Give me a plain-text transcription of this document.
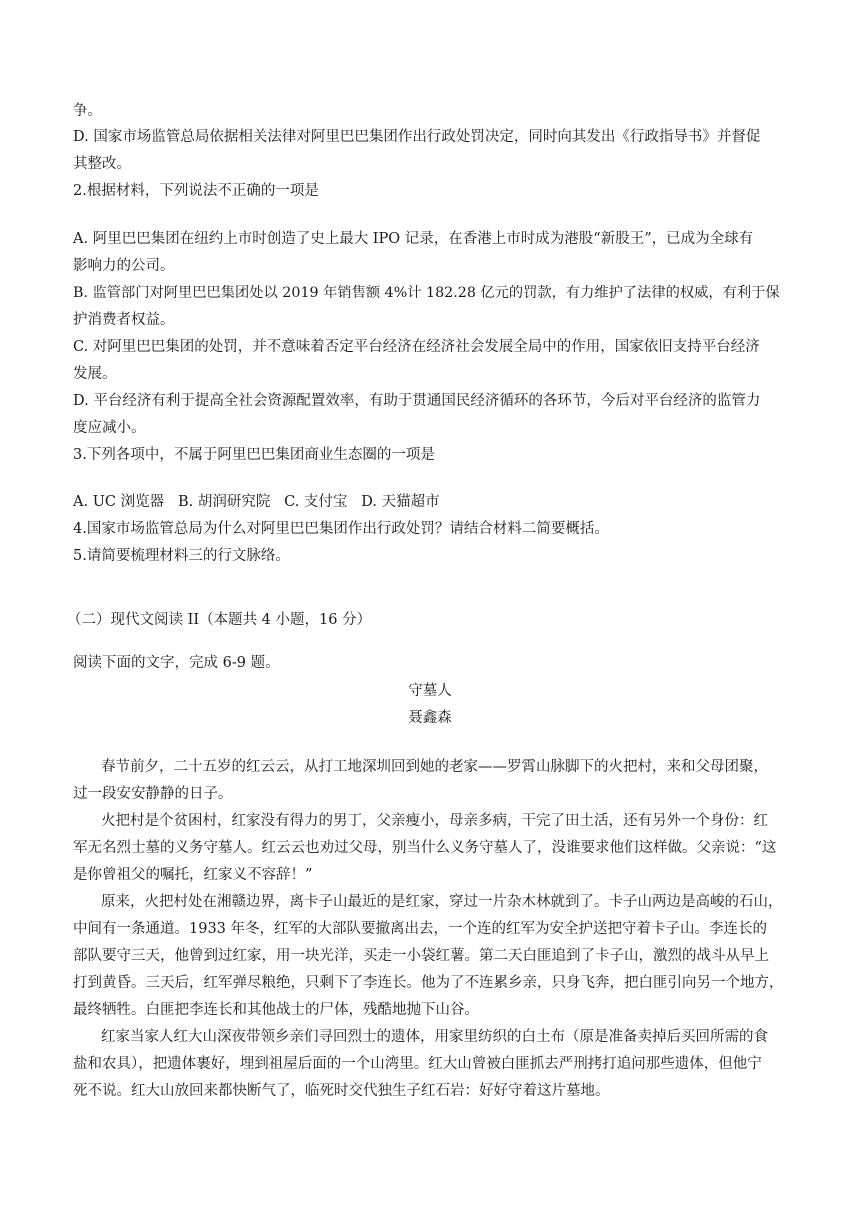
争。
D. 国家市场监管总局依据相关法律对阿里巴巴集团作出行政处罚决定，同时向其发出《行政指导书》并督促
其整改。
2.根据材料，下列说法不正确的一项是
A. 阿里巴巴集团在纽约上市时创造了史上最大 IPO 记录，在香港上市时成为港股“新股王”，已成为全球有
影响力的公司。
B. 监管部门对阿里巴巴集团处以 2019 年销售额 4%计 182.28 亿元的罚款，有力维护了法律的权威，有利于保
护消费者权益。
C. 对阿里巴巴集团的处罚，并不意味着否定平台经济在经济社会发展全局中的作用，国家依旧支持平台经济
发展。
D. 平台经济有利于提高全社会资源配置效率，有助于贯通国民经济循环的各环节，今后对平台经济的监管力
度应减小。
3.下列各项中，不属于阿里巴巴集团商业生态圈的一项是
A. UC 浏览器   B. 胡润研究院   C. 支付宝   D. 天猫超市
4.国家市场监管总局为什么对阿里巴巴集团作出行政处罚？请结合材料二简要概括。
5.请简要梳理材料三的行文脉络。
（二）现代文阅读 II（本题共 4 小题，16 分）
阅读下面的文字，完成 6-9 题。
守墓人
聂鑫森
春节前夕，二十五岁的红云云，从打工地深圳回到她的老家——罗霄山脉脚下的火把村，来和父母团聚，
过一段安安静静的日子。
火把村是个贫困村，红家没有得力的男丁，父亲瘦小，母亲多病，干完了田土活，还有另外一个身份：红
军无名烈士墓的义务守墓人。红云云也劝过父母，别当什么义务守墓人了，没谁要求他们这样做。父亲说：“这
是你曾祖父的嘱托，红家义不容辞！”
原来，火把村处在湘赣边界，离卡子山最近的是红家，穿过一片杂木林就到了。卡子山两边是高峻的石山，
中间有一条通道。1933 年冬，红军的大部队要撤离出去，一个连的红军为安全护送把守着卡子山。李连长的
部队要守三天，他曾到过红家，用一块光洋，买走一小袋红薯。第二天白匪追到了卡子山，激烈的战斗从早上
打到黄昏。三天后，红军弹尽粮绝，只剩下了李连长。他为了不连累乡亲，只身飞奔，把白匪引向另一个地方，
最终牺牲。白匪把李连长和其他战士的尸体，残酷地抛下山谷。
红家当家人红大山深夜带领乡亲们寻回烈士的遗体，用家里纺织的白土布（原是准备卖掉后买回所需的食
盐和农具），把遗体裹好，埋到祖屋后面的一个山湾里。红大山曾被白匪抓去严刑拷打追问那些遗体，但他宁
死不说。红大山放回来都快断气了，临死时交代独生子红石岩：好好守着这片墓地。
